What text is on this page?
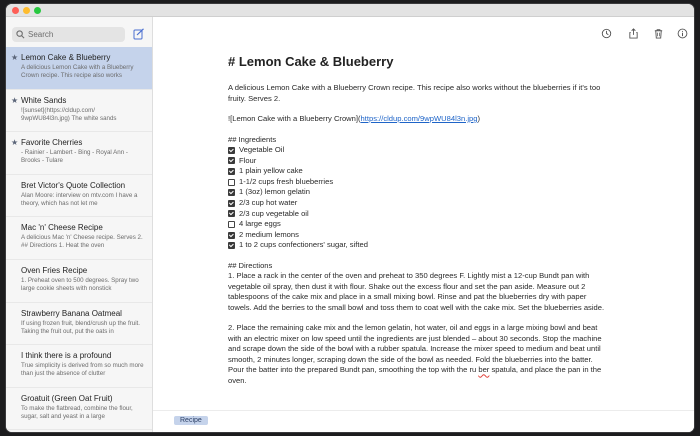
Search
★ Lemon Cake & Blueberry
A delicious Lemon Cake with a Blueberry Crown recipe. This recipe also works
★ White Sands
![sunset](https://cldup.com/ 9wpWU84l3n.jpg) The white sands
★ Favorite Cherries
- Rainier - Lambert - Bing - Royal Ann - Brooks - Tulare
Bret Victor's Quote Collection
Alan Moore: interview on mtv.com I have a theory, which has not let me
Mac 'n' Cheese Recipe
A delicious Mac 'n' Cheese recipe. Serves 2. ## Directions 1. Heat the oven
Oven Fries Recipe
1. Preheat oven to 500 degrees. Spray two large cookie sheets with nonstick
Strawberry Banana Oatmeal
If using frozen fruit, blend/crush up the fruit. Taking the fruit out, put the oats in
I think there is a profound
True simplicity is derived from so much more than just the absence of clutter
Groatuit (Green Oat Fruit)
To make the flatbread, combine the flour, sugar, salt and yeast in a large
# Lemon Cake & Blueberry
A delicious Lemon Cake with a Blueberry Crown recipe. This recipe also works without the blueberries if it's too fruity. Serves 2.
![Lemon Cake with a Blueberry Crown](https://cldup.com/9wpWU84l3n.jpg)
## Ingredients
Vegetable Oil
Flour
1 plain yellow cake
1-1/2 cups fresh blueberries
1 (3oz) lemon gelatin
2/3 cup hot water
2/3 cup vegetable oil
4 large eggs
2 medium lemons
1 to 2 cups confectioners' sugar, sifted
## Directions
1. Place a rack in the center of the oven and preheat to 350 degrees F. Lightly mist a 12-cup Bundt pan with vegetable oil spray, then dust it with flour. Shake out the excess flour and set the pan aside. Measure out 2 tablespoons of the cake mix and place in a small mixing bowl. Rinse and pat the blueberries dry with paper towels. Add the berries to the small bowl and toss them to coat well with the cake mix. Set the blueberries aside.
2. Place the remaining cake mix and the lemon gelatin, hot water, oil and eggs in a large mixing bowl and beat with an electric mixer on low speed until the ingredients are just blended – about 30 seconds. Stop the machine and scrape down the side of the bowl with a rubber spatula. Increase the mixer speed to medium and beat until smooth, 2 minutes longer, scraping down the side of the bowl as needed. Fold the blueberries into the batter. Pour the batter into the prepared Bundt pan, smoothing the top with the ru ber spatula, and place the pan in the oven.
Recipe
